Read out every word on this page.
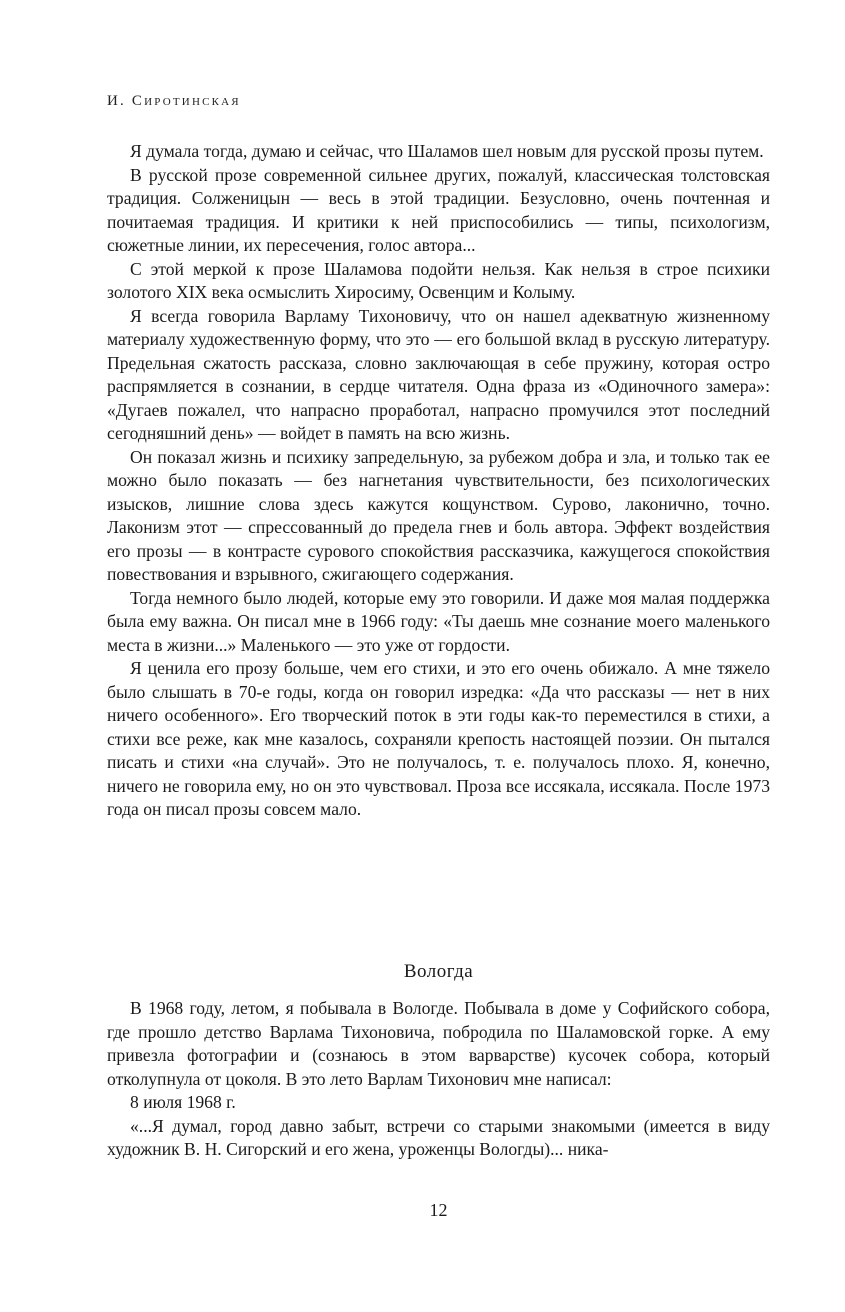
И. Сиротинская

Я думала тогда, думаю и сейчас, что Шаламов шел новым для русской прозы путем.

В русской прозе современной сильнее других, пожалуй, классическая толстовская традиция. Солженицын — весь в этой традиции. Безусловно, очень почтенная и почитаемая традиция. И критики к ней приспособились — типы, психологизм, сюжетные линии, их пересечения, голос автора...

С этой меркой к прозе Шаламова подойти нельзя. Как нельзя в строе психики золотого XIX века осмыслить Хиросиму, Освенцим и Колыму.

Я всегда говорила Варламу Тихоновичу, что он нашел адекватную жизненному материалу художественную форму, что это — его большой вклад в русскую литературу. Предельная сжатость рассказа, словно заключающая в себе пружину, которая остро распрямляется в сознании, в сердце читателя. Одна фраза из «Одиночного замера»: «Дугаев пожалел, что напрасно проработал, напрасно промучился этот последний сегодняшний день» — войдет в память на всю жизнь.

Он показал жизнь и психику запредельную, за рубежом добра и зла, и только так ее можно было показать — без нагнетания чувствительности, без психологических изысков, лишние слова здесь кажутся кощунством. Сурово, лаконично, точно. Лаконизм этот — спрессованный до предела гнев и боль автора. Эффект воздействия его прозы — в контрасте сурового спокойствия рассказчика, кажущегося спокойствия повествования и взрывного, сжигающего содержания.

Тогда немного было людей, которые ему это говорили. И даже моя малая поддержка была ему важна. Он писал мне в 1966 году: «Ты даешь мне сознание моего маленького места в жизни...» Маленького — это уже от гордости.

Я ценила его прозу больше, чем его стихи, и это его очень обижало. А мне тяжело было слышать в 70-е годы, когда он говорил изредка: «Да что рассказы — нет в них ничего особенного». Его творческий поток в эти годы как-то переместился в стихи, а стихи все реже, как мне казалось, сохраняли крепость настоящей поэзии. Он пытался писать и стихи «на случай». Это не получалось, т. е. получалось плохо. Я, конечно, ничего не говорила ему, но он это чувствовал. Проза все иссякала, иссякала. После 1973 года он писал прозы совсем мало.

Вологда

В 1968 году, летом, я побывала в Вологде. Побывала в доме у Софийского собора, где прошло детство Варлама Тихоновича, побродила по Шаламовской горке. А ему привезла фотографии и (сознаюсь в этом варварстве) кусочек собора, который отколупнула от цоколя. В это лето Варлам Тихонович мне написал:

8 июля 1968 г.

«...Я думал, город давно забыт, встречи со старыми знакомыми (имеется в виду художник В. Н. Сигорский и его жена, уроженцы Вологды)... ника-

12
